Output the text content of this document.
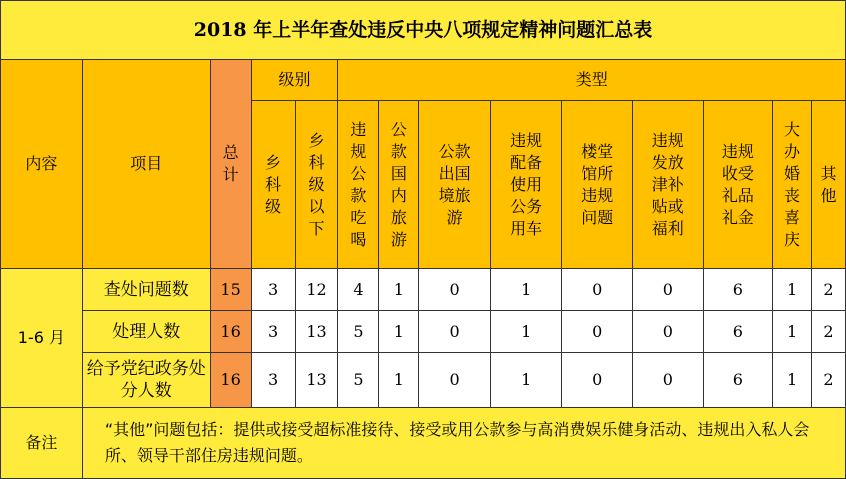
2018 年上半年查处违反中央八项规定精神问题汇总表													
内容	项目	总计	级别		类型								
			乡科级	乡科级以下	违规公款吃喝	公款国内旅游	公款出国境旅游	违规配备使用公务用车	楼堂馆所违规问题	违规发放津补贴或福利	违规收受礼品礼金	大办婚丧喜庆	其他
1-6 月	查处问题数	15	3	12	4	1	0	1	0	0	6	1	2
	处理人数	16	3	13	5	1	0	1	0	0	6	1	2
	给予党纪政务处分人数	16	3	13	5	1	0	1	0	0	6	1	2
备注	“其他”问题包括：提供或接受超标准接待、接受或用公款参与高消费娱乐健身活动、违规出入私人会所、领导干部住房违规问题。												
